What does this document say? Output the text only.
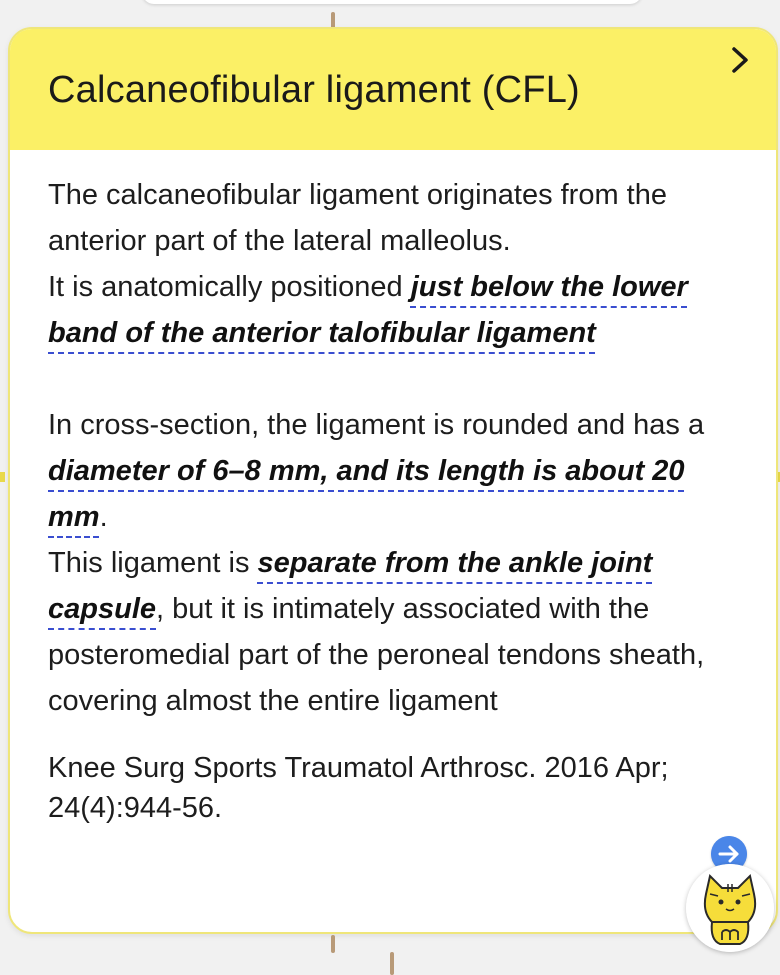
Calcaneofibular ligament (CFL)

The calcaneofibular ligament originates from the anterior part of the lateral malleolus.

It is anatomically positioned just below the lower band of the anterior talofibular ligament

In cross-section, the ligament is rounded and has a diameter of 6–8 mm, and its length is about 20 mm.

This ligament is separate from the ankle joint capsule, but it is intimately associated with the posteromedial part of the peroneal tendons sheath, covering almost the entire ligament

Knee Surg Sports Traumatol Arthrosc. 2016 Apr; 24(4):944-56.
